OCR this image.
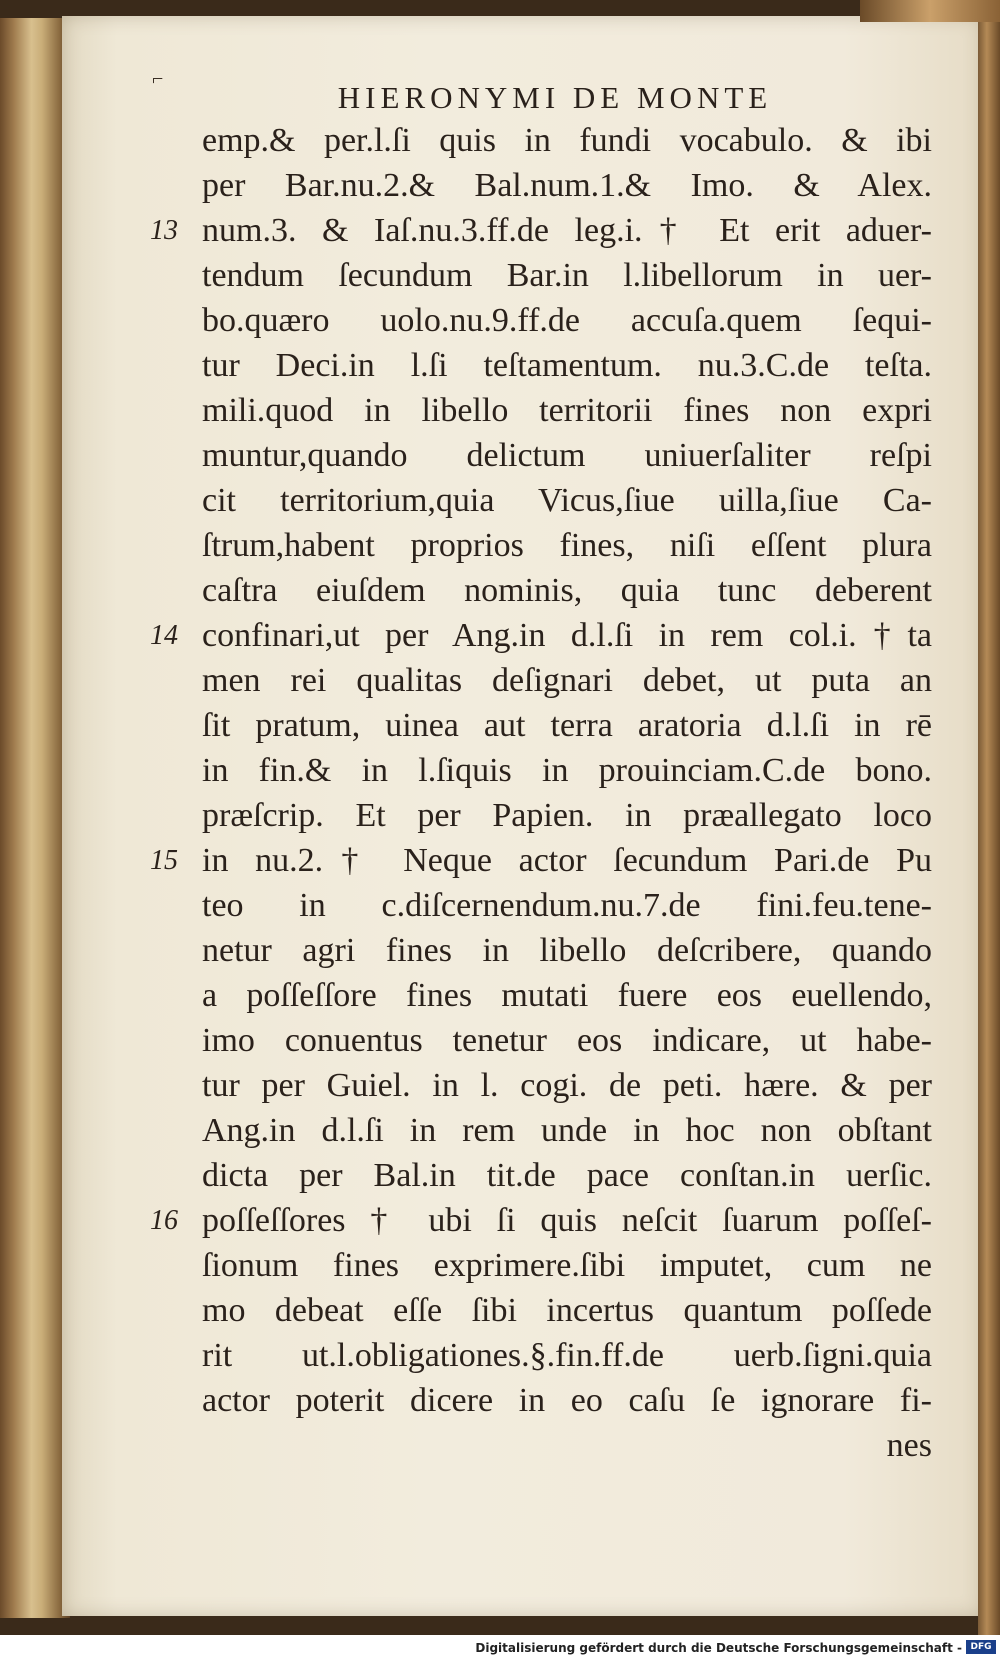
⌐
HIERONYMI DE MONTE
emp.& per.l.ſi quis in fundi vocabulo. & ibi
per Bar.nu.2.& Bal.num.1.& Imo. & Alex.
13 num.3. & Iaſ.nu.3.ff.de leg.i.† Et erit aduer-
tendum ſecundum Bar.in l.libellorum in uer-
bo.quæro uolo.nu.9.ff.de accuſa.quem ſequi-
tur Deci.in l.ſi teſtamentum. nu.3.C.de teſta.
mili.quod in libello territorii fines non expri
muntur,quando delictum uniuerſaliter reſpi
cit territorium,quia Vicus,ſiue uilla,ſiue Ca-
ſtrum,habent proprios fines, niſi eſſent plura
caſtra eiuſdem nominis, quia tunc deberent
14 confinari,ut per Ang.in d.l.ſi in rem col.i.†ta
men rei qualitas deſignari debet, ut puta an
ſit pratum, uinea aut terra aratoria d.l.ſi in rē
in fin.& in l.ſiquis in prouinciam.C.de bono.
præſcrip. Et per Papien. in præallegato loco
15 in nu.2.† Neque actor ſecundum Pari.de Pu
teo in c.diſcernendum.nu.7.de fini.feu.tene-
netur agri fines in libello deſcribere, quando
a poſſeſſore fines mutati fuere eos euellendo,
imo conuentus tenetur eos indicare, ut habe-
tur per Guiel. in l. cogi. de peti. hære. & per
Ang.in d.l.ſi in rem unde in hoc non obſtant
dicta per Bal.in tit.de pace conſtan.in uerſic.
16 poſſeſſores † ubi ſi quis neſcit ſuarum poſſeſ-
ſionum fines exprimere.ſibi imputet, cum ne
mo debeat eſſe ſibi incertus quantum poſſede
rit ut.l.obligationes.§.fin.ff.de uerb.ſigni.quia
actor poterit dicere in eo caſu ſe ignorare fi-
nes
Digitalisierung gefördert durch die Deutsche Forschungsgemeinschaft - DFG
